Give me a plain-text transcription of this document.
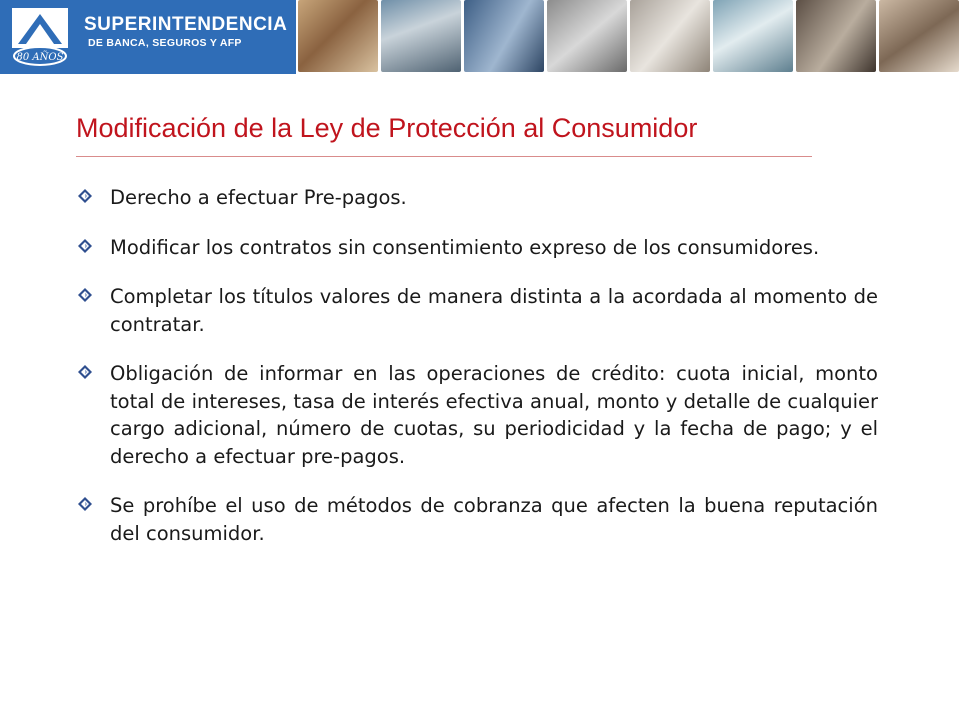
80 AÑOS
SUPERINTENDENCIA
DE BANCA, SEGUROS Y AFP
Modificación de la Ley de Protección al Consumidor
Derecho a efectuar Pre-pagos.
Modificar los contratos sin consentimiento expreso de los consumidores.
Completar los títulos valores de manera distinta a la acordada al momento de contratar.
Obligación de informar en las operaciones de crédito: cuota inicial, monto total de intereses, tasa de interés efectiva anual, monto y detalle de cualquier cargo adicional, número de cuotas, su periodicidad y la fecha de pago; y el derecho a efectuar pre-pagos.
Se prohíbe el uso de métodos de cobranza que afecten la buena reputación del consumidor.
